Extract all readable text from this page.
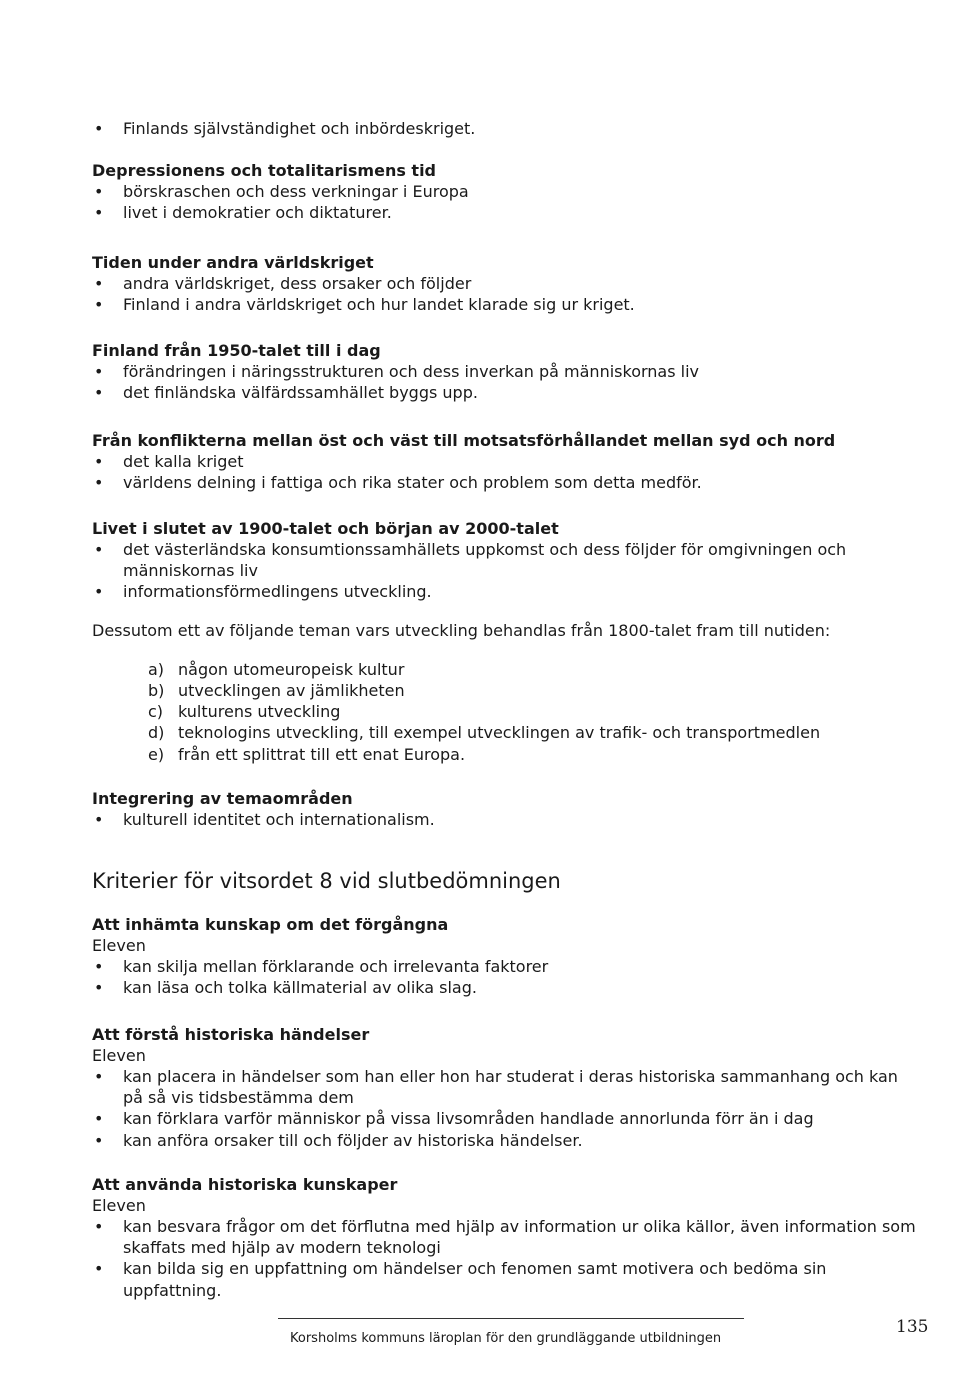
• Finlands självständighet och inbördeskriget.

Depressionens och totalitarismens tid

• börskraschen och dess verkningar i Europa
• livet i demokratier och diktaturer.

Tiden under andra världskriget

• andra världskriget, dess orsaker och följder
• Finland i andra världskriget och hur landet klarade sig ur kriget.

Finland från 1950-talet till i dag

• förändringen i näringsstrukturen och dess inverkan på människornas liv
• det finländska välfärdssamhället byggs upp.

Från konflikterna mellan öst och väst till motsatsförhållandet mellan syd och nord

• det kalla kriget
• världens delning i fattiga och rika stater och problem som detta medför.

Livet i slutet av 1900-talet och början av 2000-talet

• det västerländska konsumtionssamhällets uppkomst och dess följder för omgivningen och människornas liv
• informationsförmedlingens utveckling.

Dessutom ett av följande teman vars utveckling behandlas från 1800-talet fram till nutiden:

a) någon utomeuropeisk kultur
b) utvecklingen av jämlikheten
c) kulturens utveckling
d) teknologins utveckling, till exempel utvecklingen av trafik- och transportmedlen
e) från ett splittrat till ett enat Europa.

Integrering av temaområden

• kulturell identitet och internationalism.

Kriterier för vitsordet 8 vid slutbedömningen

Att inhämta kunskap om det förgångna

Eleven

• kan skilja mellan förklarande och irrelevanta faktorer
• kan läsa och tolka källmaterial av olika slag.

Att förstå historiska händelser

Eleven

• kan placera in händelser som han eller hon har studerat i deras historiska sammanhang och kan på så vis tidsbestämma dem
• kan förklara varför människor på vissa livsområden handlade annorlunda förr än i dag
• kan anföra orsaker till och följder av historiska händelser.

Att använda historiska kunskaper

Eleven

• kan besvara frågor om det förflutna med hjälp av information ur olika källor, även information som skaffats med hjälp av modern teknologi
• kan bilda sig en uppfattning om händelser och fenomen samt motivera och bedöma sin uppfattning.
Korsholms kommuns läroplan för den grundläggande utbildningen
135
